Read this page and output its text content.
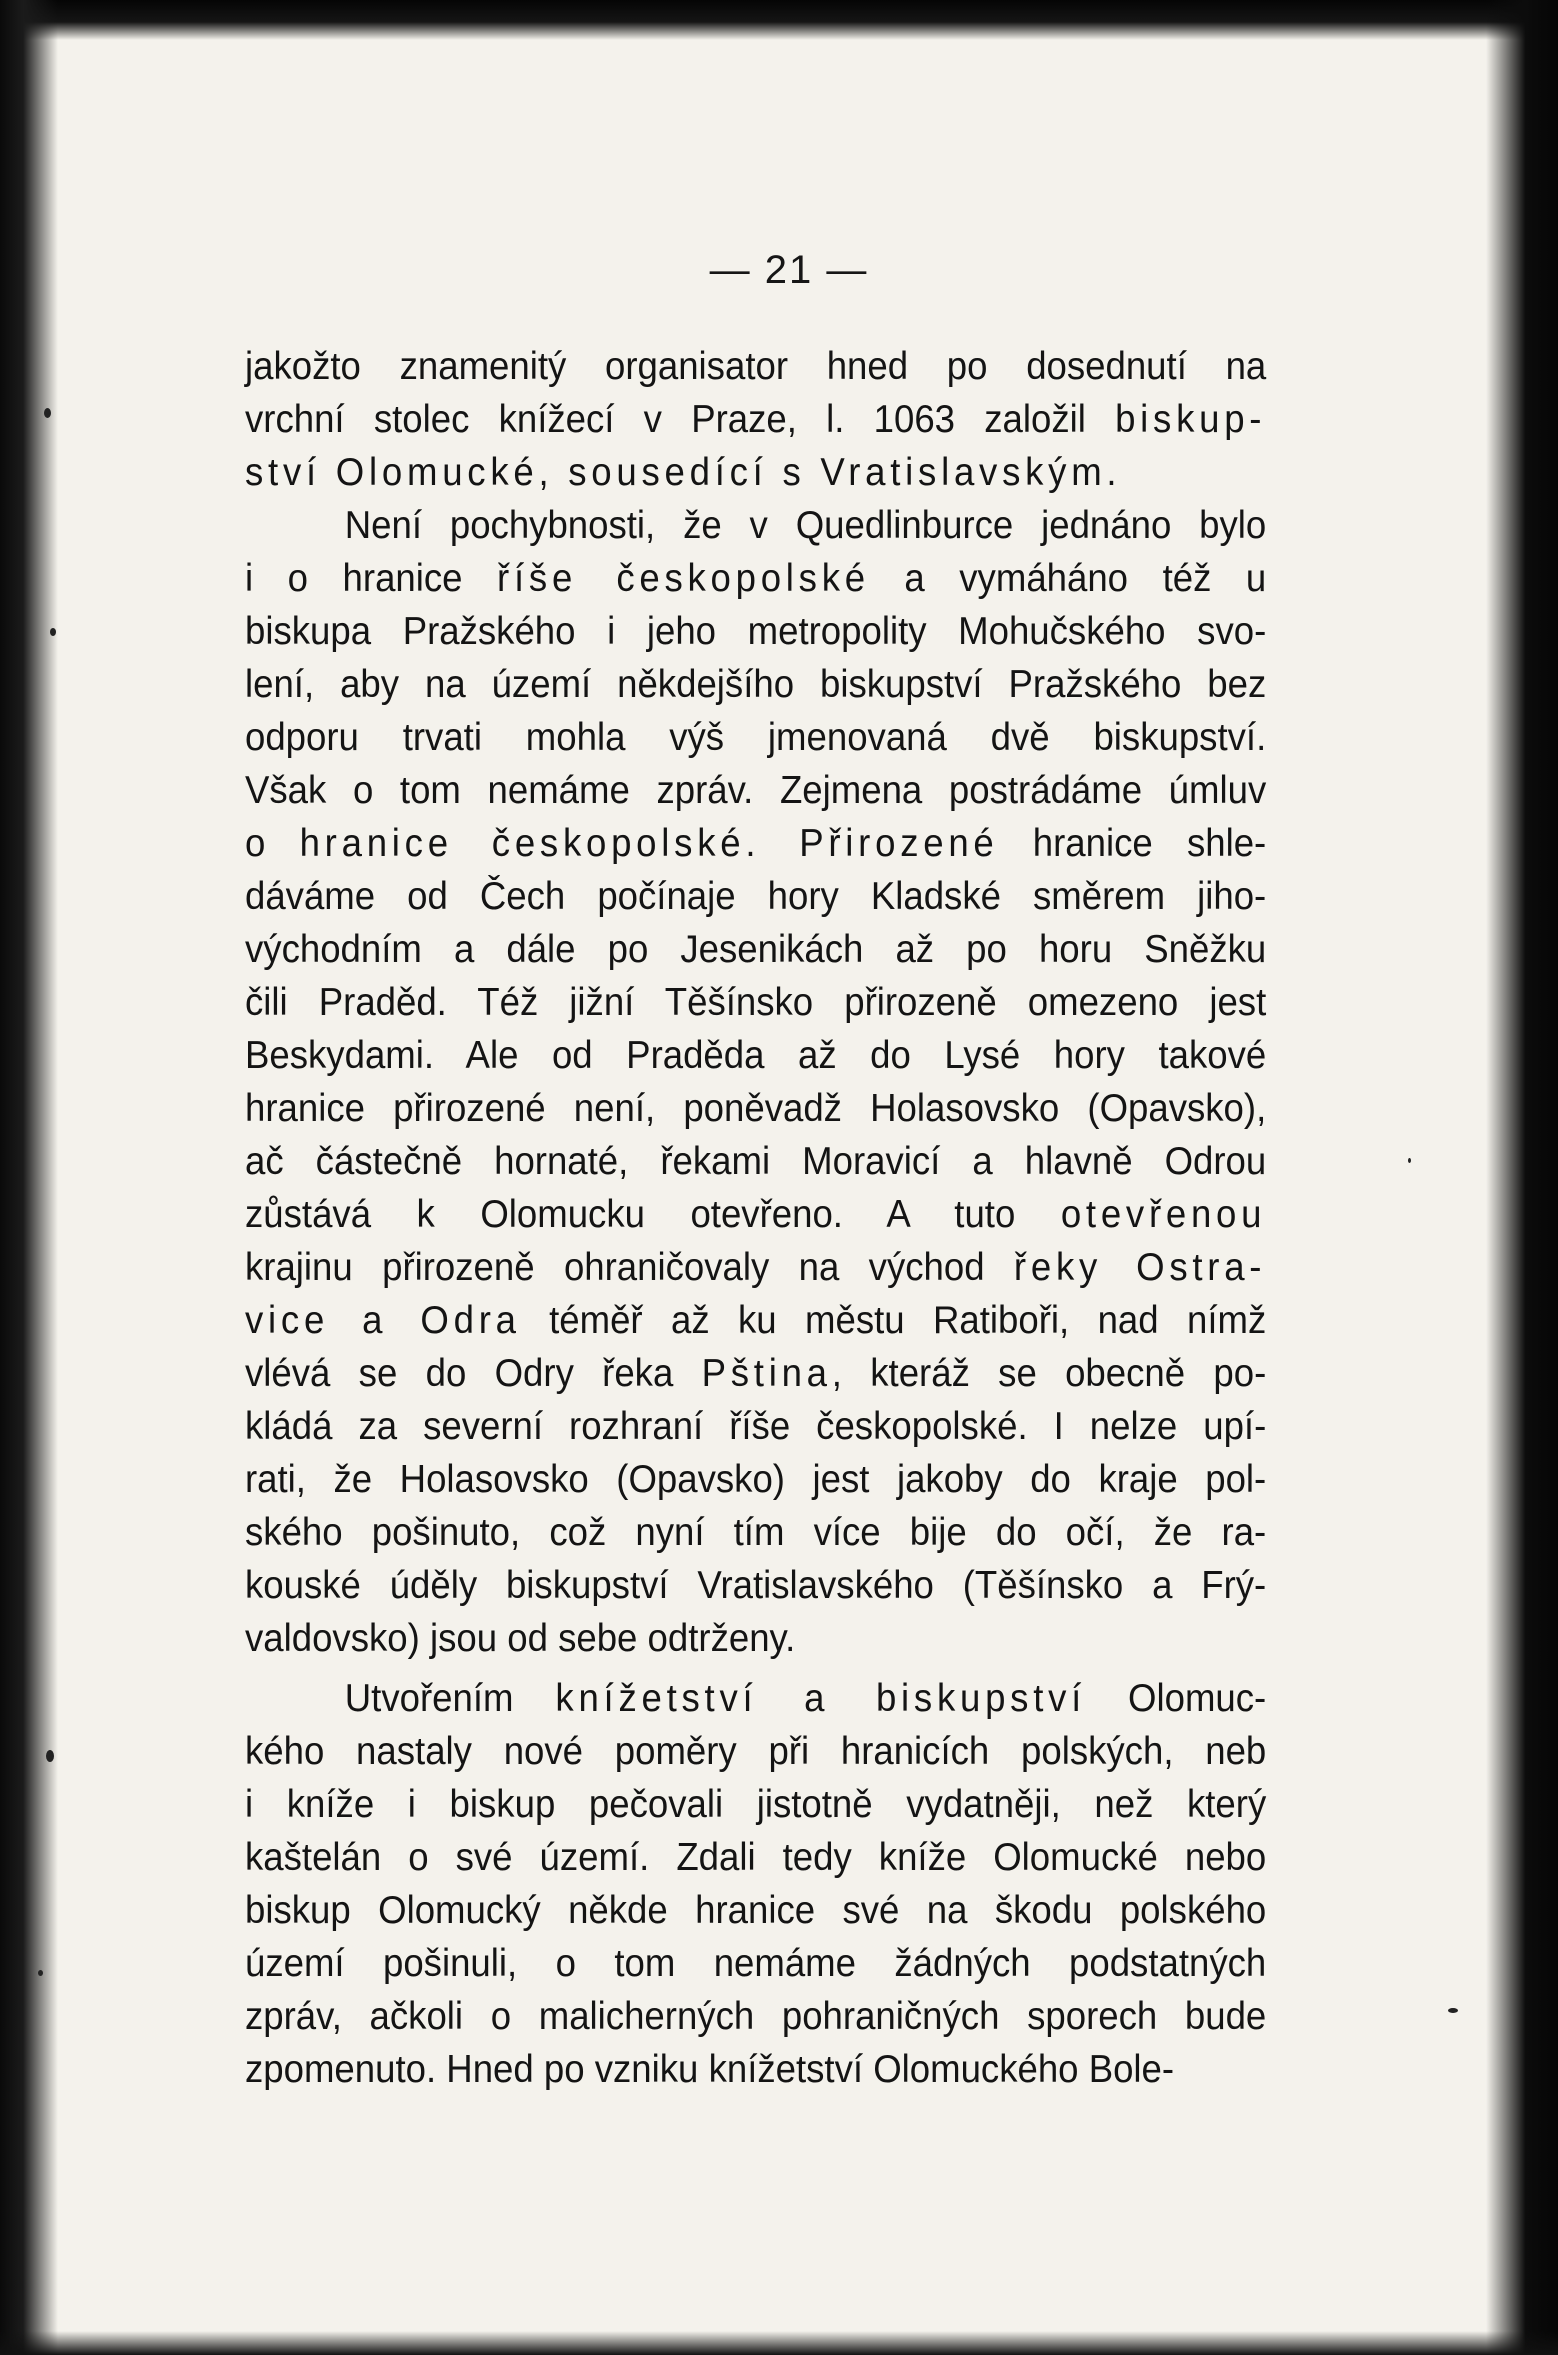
— 21 —
jakožto znamenitý organisator hned po dosednutí na
vrchní stolec knížecí v Praze, l. 1063 založil biskup-
ství Olomucké, sousedící s Vratislavským.
Není pochybnosti, že v Quedlinburce jednáno bylo
i o hranice říše českopolské a vymáháno též u
biskupa Pražského i jeho metropolity Mohučského svo-
lení, aby na území někdejšího biskupství Pražského bez
odporu trvati mohla výš jmenovaná dvě biskupství.
Však o tom nemáme zpráv. Zejmena postrádáme úmluv
o hranice českopolské. Přirozené hranice shle-
dáváme od Čech počínaje hory Kladské směrem jiho-
východním a dále po Jesenikách až po horu Sněžku
čili Praděd. Též jižní Těšínsko přirozeně omezeno jest
Beskydami. Ale od Praděda až do Lysé hory takové
hranice přirozené není, poněvadž Holasovsko (Opavsko),
ač částečně hornaté, řekami Moravicí a hlavně Odrou
zůstává k Olomucku otevřeno. A tuto otevřenou
krajinu přirozeně ohraničovaly na východ řeky Ostra-
vice a Odra téměř až ku městu Ratiboři, nad nímž
vlévá se do Odry řeka Pština, kteráž se obecně po-
kládá za severní rozhraní říše českopolské. I nelze upí-
rati, že Holasovsko (Opavsko) jest jakoby do kraje pol-
ského pošinuto, což nyní tím více bije do očí, že ra-
kouské úděly biskupství Vratislavského (Těšínsko a Frý-
valdovsko) jsou od sebe odtrženy.
Utvořením knížetství a biskupství Olomuc-
kého nastaly nové poměry při hranicích polských, neb
i kníže i biskup pečovali jistotně vydatněji, než který
kaštelán o své území. Zdali tedy kníže Olomucké nebo
biskup Olomucký někde hranice své na škodu polského
území pošinuli, o tom nemáme žádných podstatných
zpráv, ačkoli o malicherných pohraničných sporech bude
zpomenuto. Hned po vzniku knížetství Olomuckého Bole-
